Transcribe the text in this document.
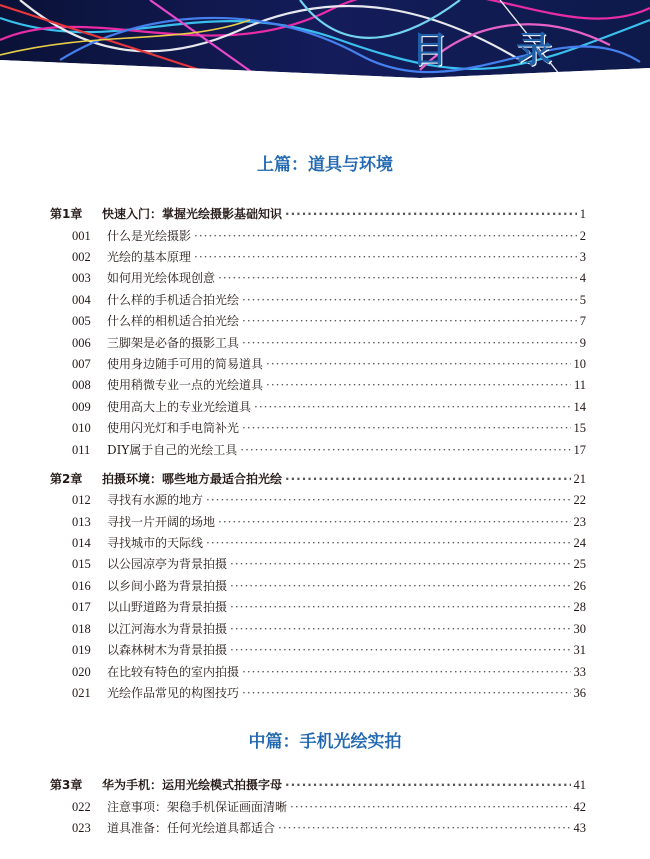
目 录
上篇：道具与环境
第1章	快速入门：掌握光绘摄影基础知识 ·····	1
001	什么是光绘摄影 ·····	2
002	光绘的基本原理 ·····	3
003	如何用光绘体现创意 ·····	4
004	什么样的手机适合拍光绘 ·····	5
005	什么样的相机适合拍光绘 ·····	7
006	三脚架是必备的摄影工具 ·····	9
007	使用身边随手可用的简易道具 ·····	10
008	使用稍微专业一点的光绘道具 ·····	11
009	使用高大上的专业光绘道具 ·····	14
010	使用闪光灯和手电筒补光 ·····	15
011	DIY属于自己的光绘工具 ·····	17
第2章	拍摄环境：哪些地方最适合拍光绘 ·····	21
012	寻找有水源的地方 ·····	22
013	寻找一片开阔的场地 ·····	23
014	寻找城市的天际线 ·····	24
015	以公园凉亭为背景拍摄 ·····	25
016	以乡间小路为背景拍摄 ·····	26
017	以山野道路为背景拍摄 ·····	28
018	以江河海水为背景拍摄 ·····	30
019	以森林树木为背景拍摄 ·····	31
020	在比较有特色的室内拍摄 ·····	33
021	光绘作品常见的构图技巧 ·····	36
中篇：手机光绘实拍
第3章	华为手机：运用光绘模式拍摄字母 ·····	41
022	注意事项：架稳手机保证画面清晰 ·····	42
023	道具准备：任何光绘道具都适合 ·····	43
